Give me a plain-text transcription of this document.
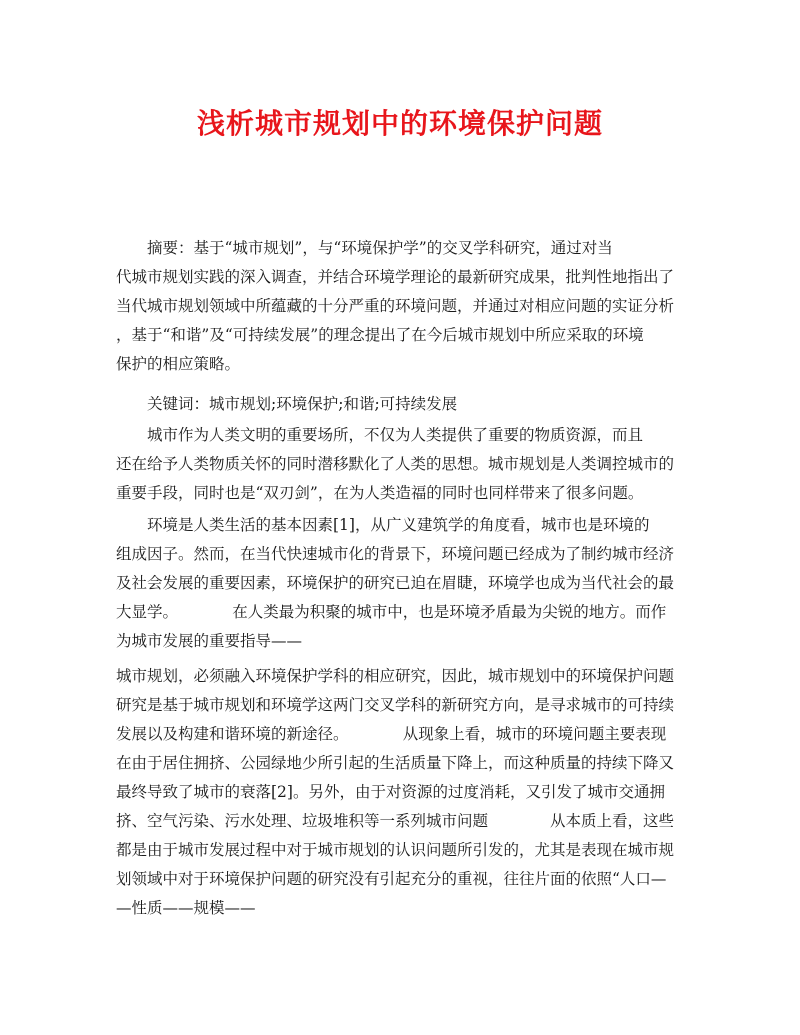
浅析城市规划中的环境保护问题
　　摘要：基于“城市规划”，与“环境保护学”的交叉学科研究，通过对当
代城市规划实践的深入调查，并结合环境学理论的最新研究成果，批判性地指出了
当代城市规划领域中所蕴藏的十分严重的环境问题，并通过对相应问题的实证分析
，基于“和谐”及“可持续发展”的理念提出了在今后城市规划中所应采取的环境
保护的相应策略。
　　关键词：城市规划;环境保护;和谐;可持续发展
　　城市作为人类文明的重要场所，不仅为人类提供了重要的物质资源，而且
还在给予人类物质关怀的同时潜移默化了人类的思想。城市规划是人类调控城市的
重要手段，同时也是“双刃剑”，在为人类造福的同时也同样带来了很多问题。
　　环境是人类生活的基本因素[1]，从广义建筑学的角度看，城市也是环境的
组成因子。然而，在当代快速城市化的背景下，环境问题已经成为了制约城市经济
及社会发展的重要因素，环境保护的研究已迫在眉睫，环境学也成为当代社会的最
大显学。　　　　在人类最为积聚的城市中，也是环境矛盾最为尖锐的地方。而作
为城市发展的重要指导——
城市规划，必须融入环境保护学科的相应研究，因此，城市规划中的环境保护问题
研究是基于城市规划和环境学这两门交叉学科的新研究方向，是寻求城市的可持续
发展以及构建和谐环境的新途径。　　　　从现象上看，城市的环境问题主要表现
在由于居住拥挤、公园绿地少所引起的生活质量下降上，而这种质量的持续下降又
最终导致了城市的衰落[2]。另外，由于对资源的过度消耗，又引发了城市交通拥
挤、空气污染、污水处理、垃圾堆积等一系列城市问题　　　　从本质上看，这些
都是由于城市发展过程中对于城市规划的认识问题所引发的，尤其是表现在城市规
划领域中对于环境保护问题的研究没有引起充分的重视，往往片面的依照“人口—
—性质——规模——
